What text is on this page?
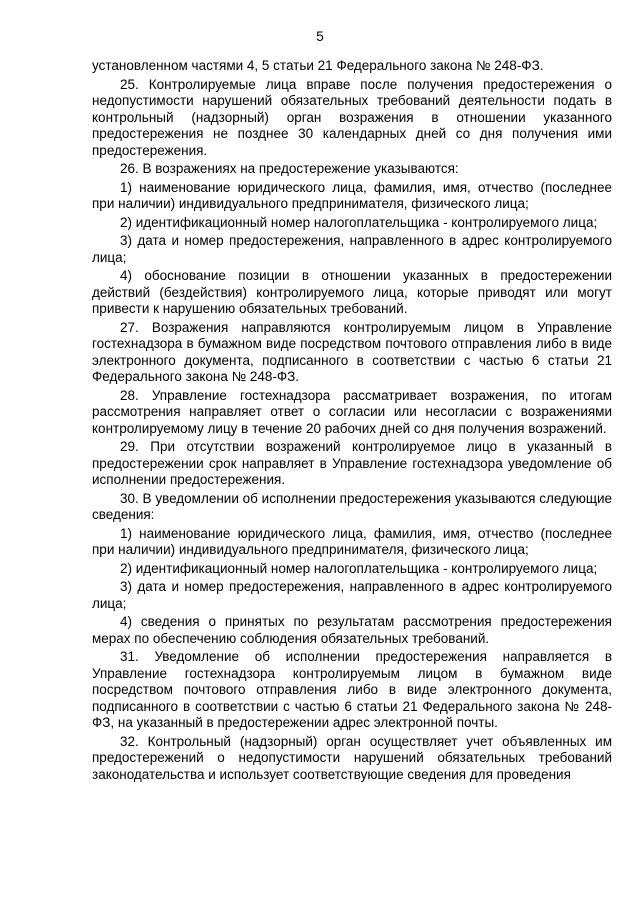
5

установленном частями 4, 5 статьи 21 Федерального закона № 248-ФЗ.

25. Контролируемые лица вправе после получения предостережения о недопустимости нарушений обязательных требований деятельности подать в контрольный (надзорный) орган возражения в отношении указанного предостережения не позднее 30 календарных дней со дня получения ими предостережения.

26. В возражениях на предостережение указываются:

1) наименование юридического лица, фамилия, имя, отчество (последнее при наличии) индивидуального предпринимателя, физического лица;

2) идентификационный номер налогоплательщика - контролируемого лица;

3) дата и номер предостережения, направленного в адрес контролируемого лица;

4) обоснование позиции в отношении указанных в предостережении действий (бездействия) контролируемого лица, которые приводят или могут привести к нарушению обязательных требований.

27. Возражения направляются контролируемым лицом в Управление гостехнадзора в бумажном виде посредством почтового отправления либо в виде электронного документа, подписанного в соответствии с частью 6 статьи 21 Федерального закона № 248-ФЗ.

28. Управление гостехнадзора рассматривает возражения, по итогам рассмотрения направляет ответ о согласии или несогласии с возражениями контролируемому лицу в течение 20 рабочих дней со дня получения возражений.

29. При отсутствии возражений контролируемое лицо в указанный в предостережении срок направляет в Управление гостехнадзора уведомление об исполнении предостережения.

30. В уведомлении об исполнении предостережения указываются следующие сведения:

1) наименование юридического лица, фамилия, имя, отчество (последнее при наличии) индивидуального предпринимателя, физического лица;

2) идентификационный номер налогоплательщика - контролируемого лица;

3) дата и номер предостережения, направленного в адрес контролируемого лица;

4) сведения о принятых по результатам рассмотрения предостережения мерах по обеспечению соблюдения обязательных требований.

31. Уведомление об исполнении предостережения направляется в Управление гостехнадзора контролируемым лицом в бумажном виде посредством почтового отправления либо в виде электронного документа, подписанного в соответствии с частью 6 статьи 21 Федерального закона № 248-ФЗ, на указанный в предостережении адрес электронной почты.

32. Контрольный (надзорный) орган осуществляет учет объявленных им предостережений о недопустимости нарушений обязательных требований законодательства и использует соответствующие сведения для проведения
